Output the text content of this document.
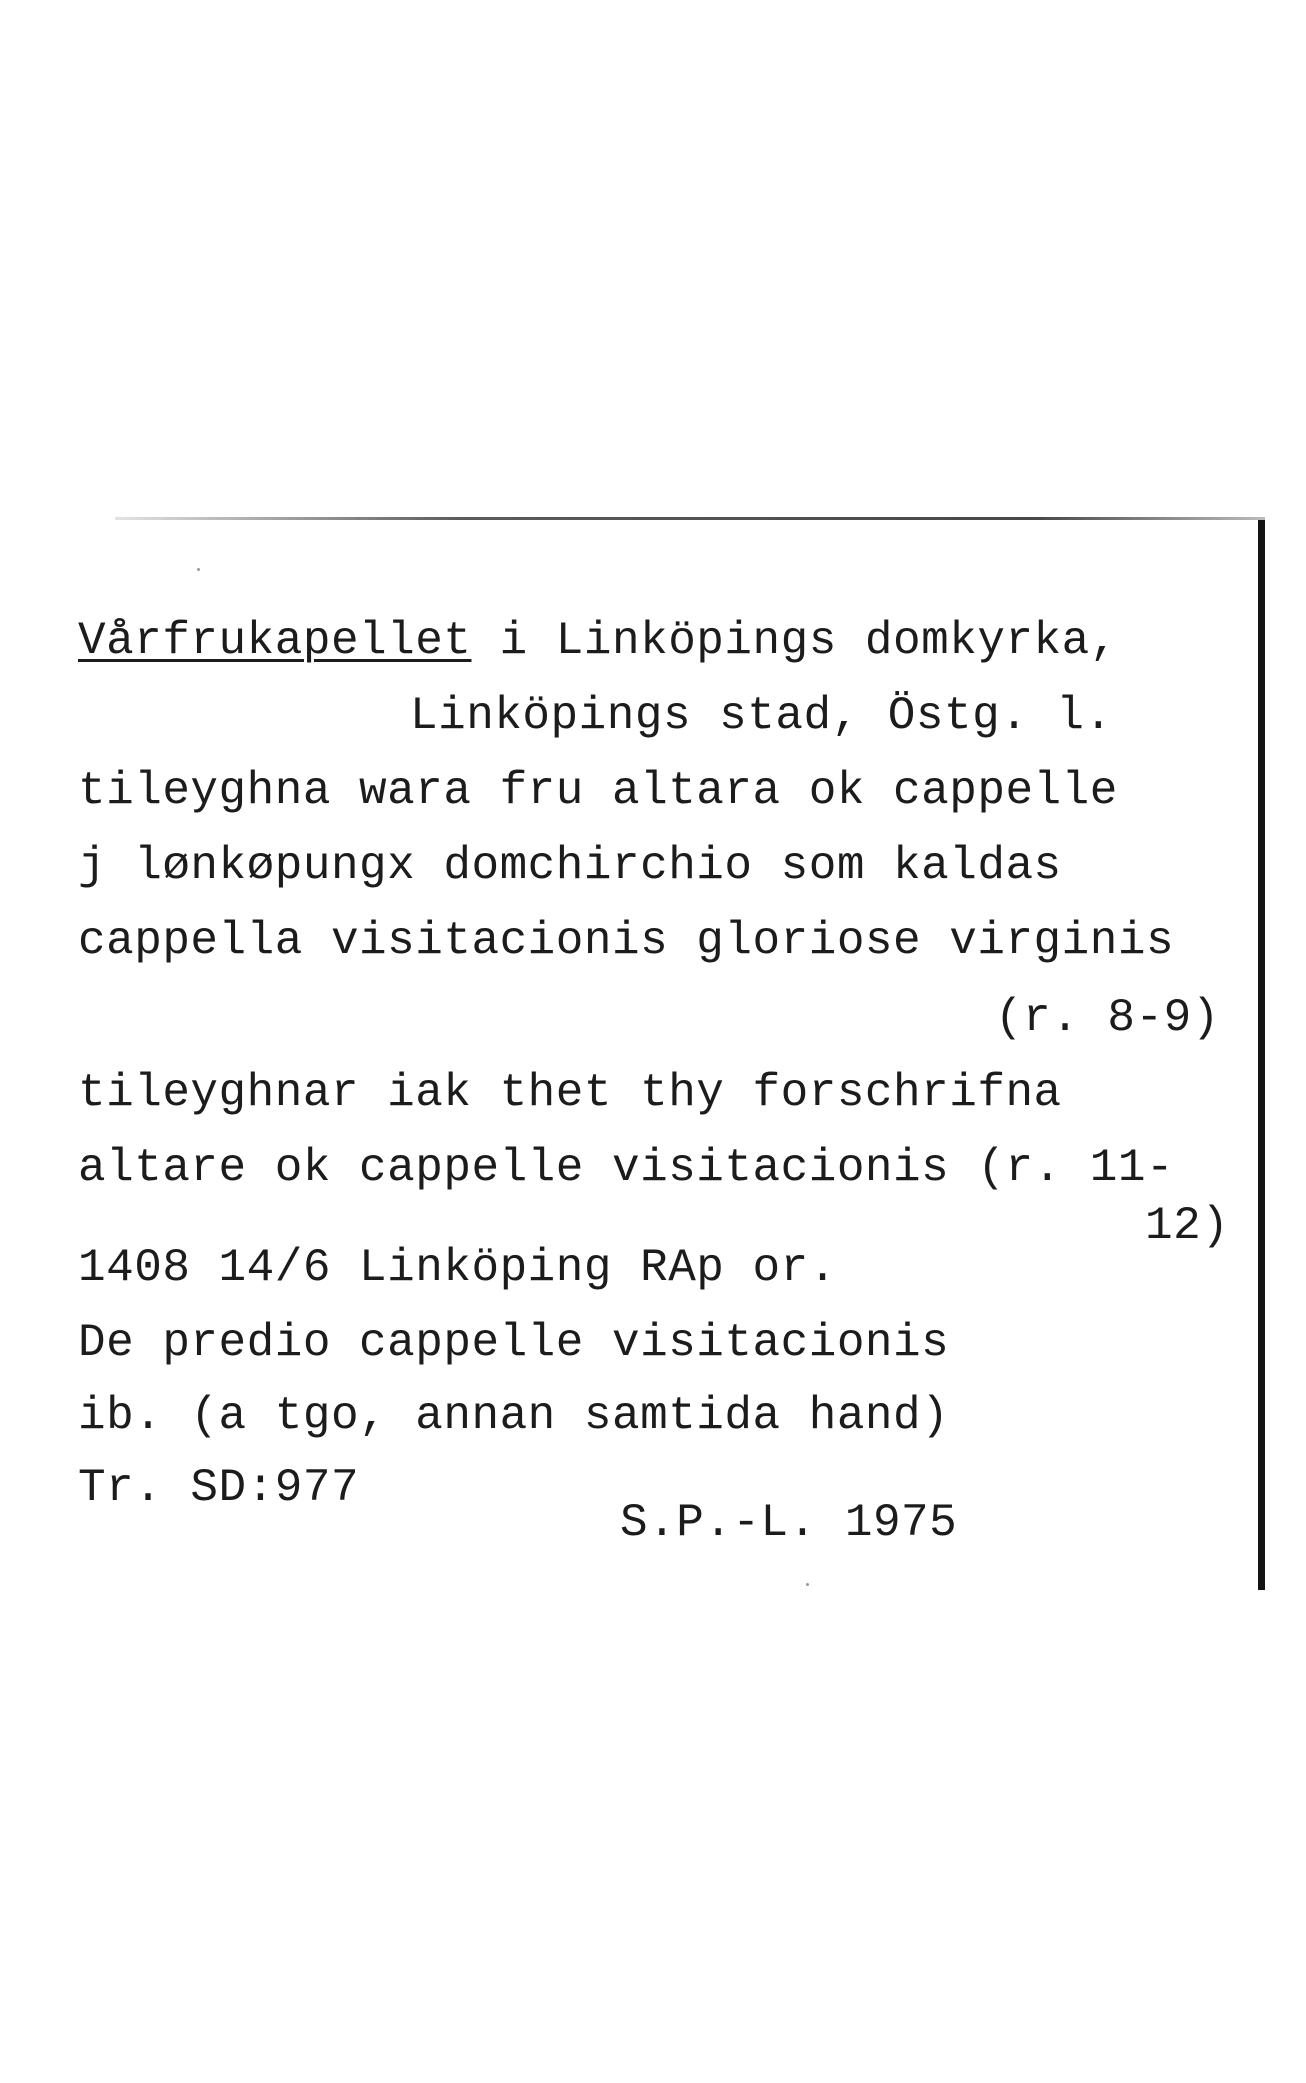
Vårfrukapellet i Linköpings domkyrka,
Linköpings stad, Östg. l.
tileyghna wara fru altara ok cappelle
j lønkøpungx domchirchio som kaldas
cappella visitacionis gloriose virginis
(r. 8-9)
tileyghnar iak thet thy forschrifna
altare ok cappelle visitacionis (r. 11-
12)
1408 14/6 Linköping RAp or.
De predio cappelle visitacionis
ib. (a tgo, annan samtida hand)
Tr. SD:977
S.P.-L. 1975
